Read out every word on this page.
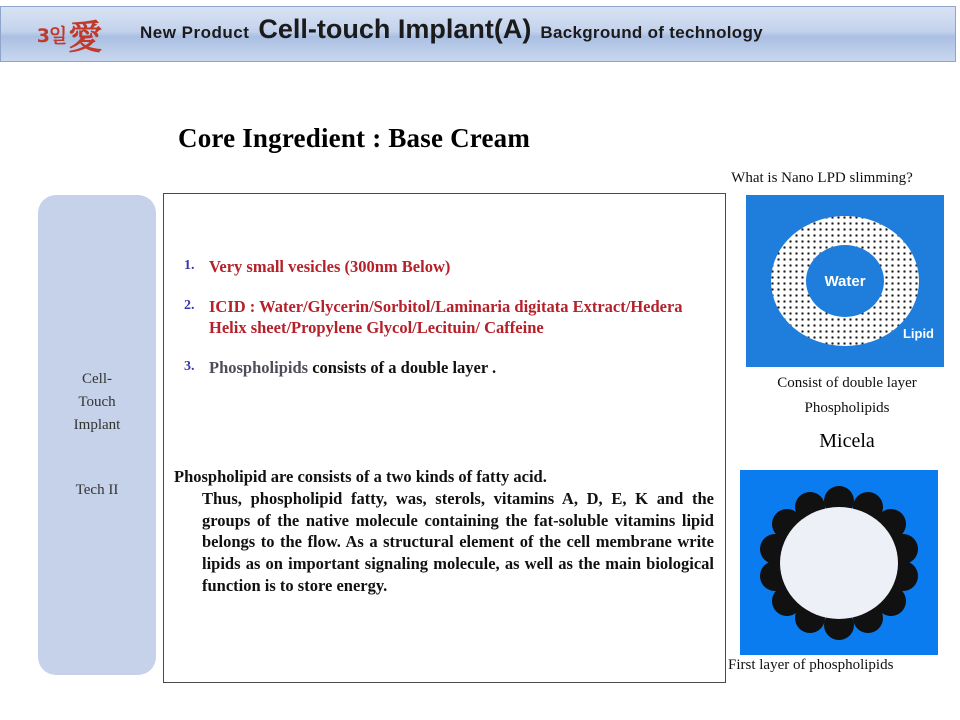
3일 愛 New Product Cell-touch Implant(A) Background of technology
Core Ingredient : Base Cream
Cell-
Touch
Implant
Tech II
1. Very small vesicles (300nm Below)
2. ICID : Water/Glycerin/Sorbitol/Laminaria digitata Extract/Hedera Helix sheet/Propylene Glycol/Lecituin/ Caffeine
3. Phospholipids consists of a double layer .
Phospholipid are consists of a two kinds of fatty acid.
Thus, phospholipid fatty, was, sterols, vitamins A, D, E, K and the groups of the native molecule containing the fat-soluble vitamins lipid belongs to the flow. As a structural element of the cell membrane write lipids as on important signaling molecule, as well as the main biological function is to store energy.
What is Nano LPD slimming?
Water
Lipid
Consist of double layer
Phospholipids
Micela
First layer of phospholipids
